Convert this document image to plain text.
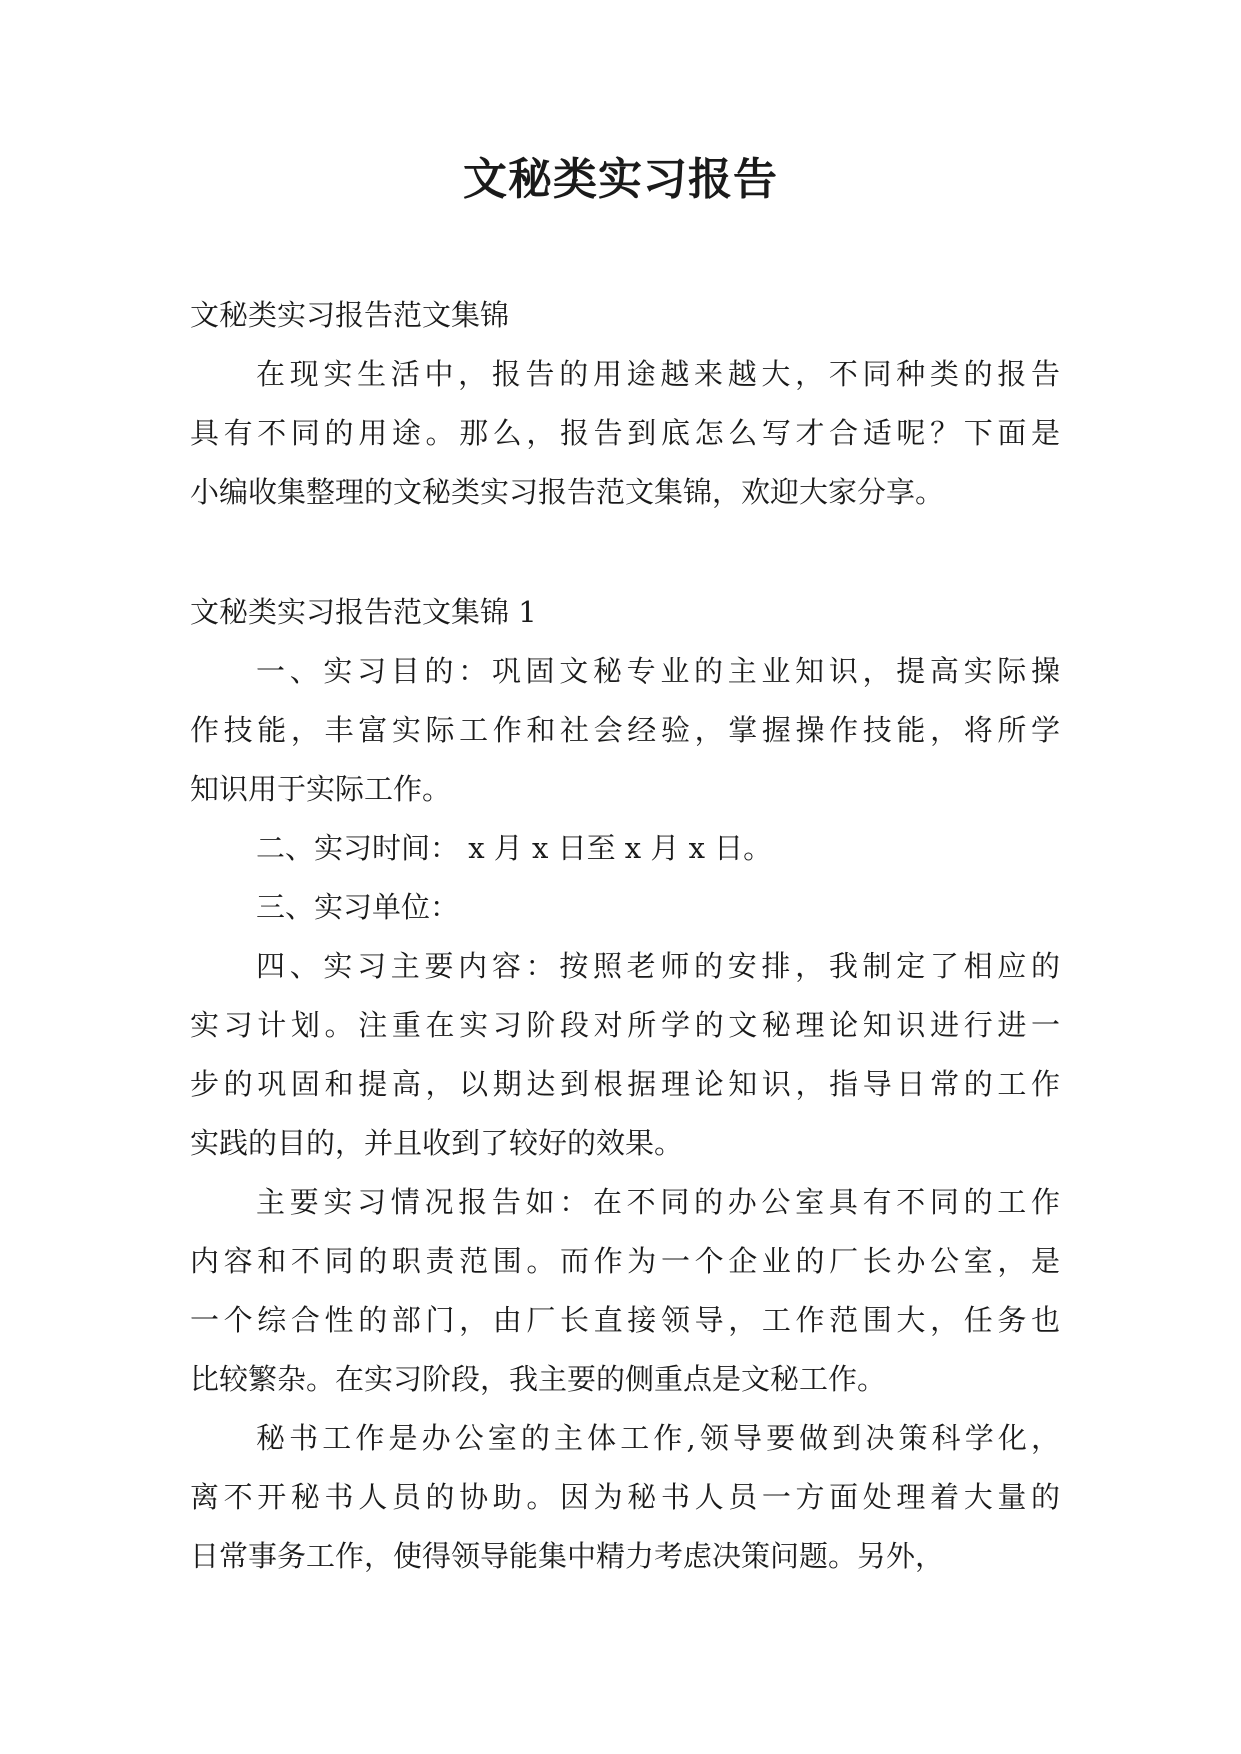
文秘类实习报告
文秘类实习报告范文集锦
在现实生活中，报告的用途越来越大，不同种类的报告
具有不同的用途。那么，报告到底怎么写才合适呢？下面是
小编收集整理的文秘类实习报告范文集锦，欢迎大家分享。
文秘类实习报告范文集锦 1
一、实习目的：巩固文秘专业的主业知识，提高实际操
作技能，丰富实际工作和社会经验，掌握操作技能，将所学
知识用于实际工作。
二、实习时间： x 月 x 日至 x 月 x 日。
三、实习单位：
四、实习主要内容：按照老师的安排，我制定了相应的
实习计划。注重在实习阶段对所学的文秘理论知识进行进一
步的巩固和提高，以期达到根据理论知识，指导日常的工作
实践的目的，并且收到了较好的效果。
主要实习情况报告如：在不同的办公室具有不同的工作
内容和不同的职责范围。而作为一个企业的厂长办公室，是
一个综合性的部门，由厂长直接领导，工作范围大，任务也
比较繁杂。在实习阶段，我主要的侧重点是文秘工作。
秘书工作是办公室的主体工作,领导要做到决策科学化，
离不开秘书人员的协助。因为秘书人员一方面处理着大量的
日常事务工作，使得领导能集中精力考虑决策问题。另外，
